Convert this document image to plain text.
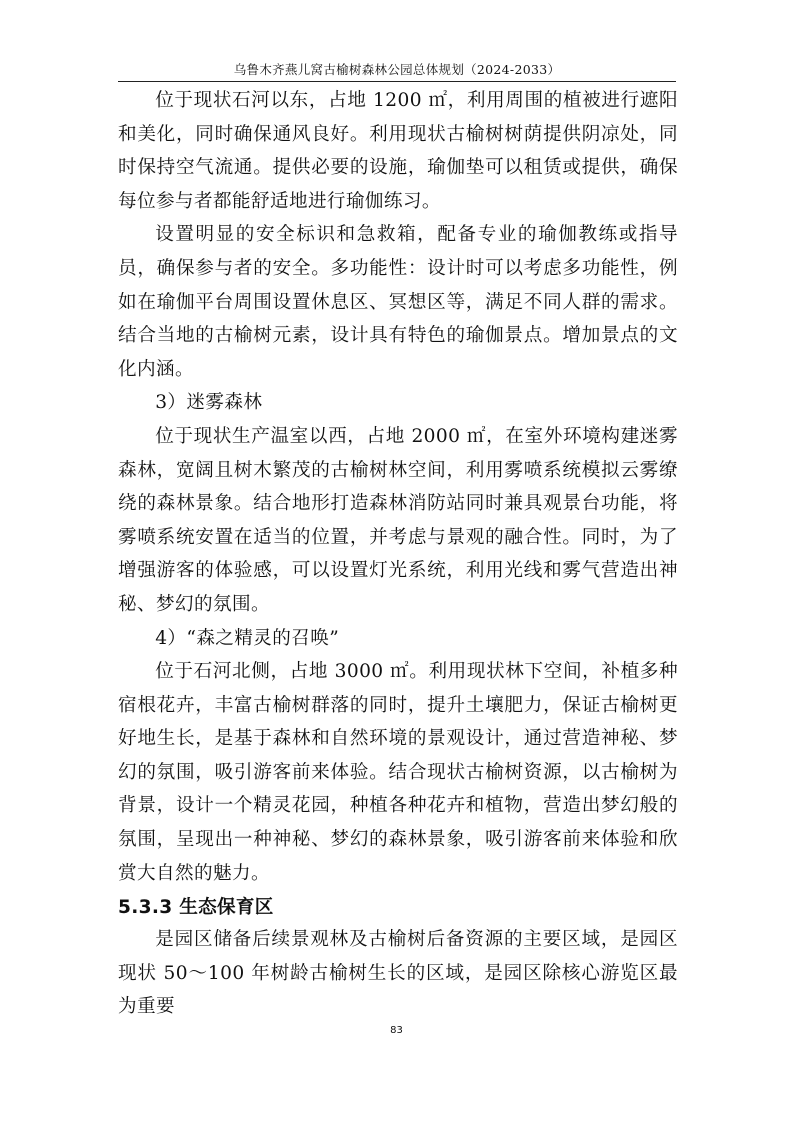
乌鲁木齐燕儿窝古榆树森林公园总体规划（2024-2033）

位于现状石河以东，占地 1200 ㎡，利用周围的植被进行遮阳和美化，同时确保通风良好。利用现状古榆树树荫提供阴凉处，同时保持空气流通。提供必要的设施，瑜伽垫可以租赁或提供，确保每位参与者都能舒适地进行瑜伽练习。

设置明显的安全标识和急救箱，配备专业的瑜伽教练或指导员，确保参与者的安全。多功能性：设计时可以考虑多功能性，例如在瑜伽平台周围设置休息区、冥想区等，满足不同人群的需求。结合当地的古榆树元素，设计具有特色的瑜伽景点。增加景点的文化内涵。

3）迷雾森林

位于现状生产温室以西，占地 2000 ㎡，在室外环境构建迷雾森林，宽阔且树木繁茂的古榆树林空间，利用雾喷系统模拟云雾缭绕的森林景象。结合地形打造森林消防站同时兼具观景台功能，将雾喷系统安置在适当的位置，并考虑与景观的融合性。同时，为了增强游客的体验感，可以设置灯光系统，利用光线和雾气营造出神秘、梦幻的氛围。

4）“森之精灵的召唤”

位于石河北侧，占地 3000 ㎡。利用现状林下空间，补植多种宿根花卉，丰富古榆树群落的同时，提升土壤肥力，保证古榆树更好地生长，是基于森林和自然环境的景观设计，通过营造神秘、梦幻的氛围，吸引游客前来体验。结合现状古榆树资源，以古榆树为背景，设计一个精灵花园，种植各种花卉和植物，营造出梦幻般的氛围，呈现出一种神秘、梦幻的森林景象，吸引游客前来体验和欣赏大自然的魅力。

5.3.3 生态保育区

是园区储备后续景观林及古榆树后备资源的主要区域，是园区现状 50～100 年树龄古榆树生长的区域，是园区除核心游览区最为重要

83
